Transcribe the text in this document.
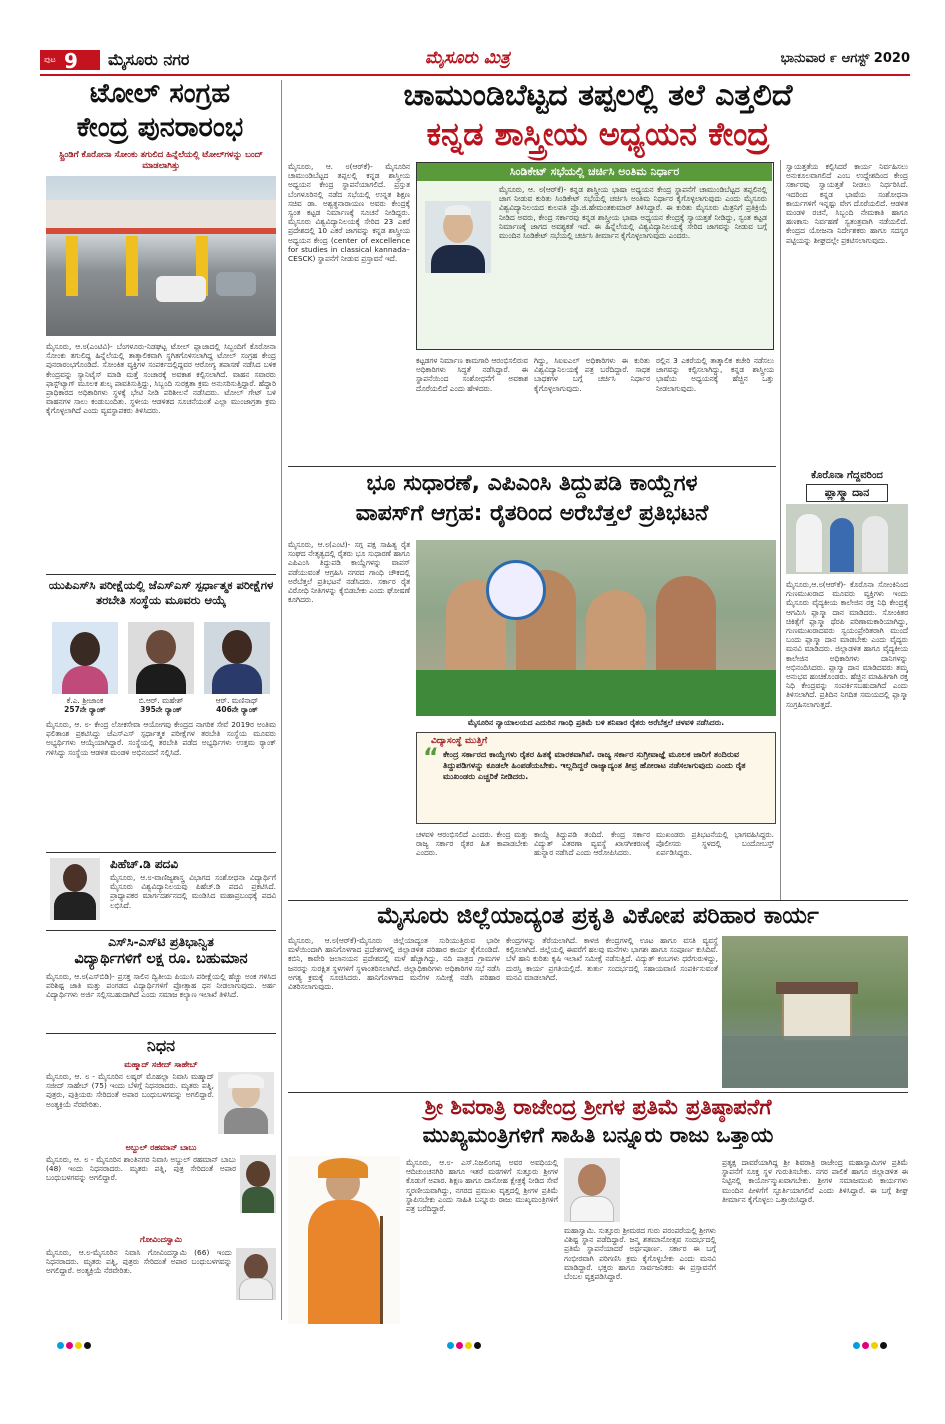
ಪುಟ 9 ಮೈಸೂರು ನಗರ	ಮೈಸೂರು ಮಿತ್ರ	ಭಾನುವಾರ ೯ ಆಗಸ್ಟ್ 2020
ಟೋಲ್ ಸಂಗ್ರಹ
ಕೇಂದ್ರ ಪುನರಾರಂಭ
ಸ್ಟ್ರಿಂಡಿಗೆ ಕೊರೋನಾ ಸೋಂಕು ತಗುಲಿದ ಹಿನ್ನೆಲೆಯಲ್ಲಿ ಟೋಲ್‌ಗಳನ್ನು ಬಂದ್ ಮಾಡಲಾಗಿತ್ತು
ಮೈಸೂರು, ಆ.೮(ಎಂಟಿವಿ)- ಬೆಂಗಳೂರು-ನಿಡಘಟ್ಟ ಟೋಲ್ ಪ್ಲಾಜಾದಲ್ಲಿ ಸಿಬ್ಬಂದಿಗೆ ಕೊರೋನಾ ಸೋಂಕು ತಗುಲಿದ್ದ ಹಿನ್ನೆಲೆಯಲ್ಲಿ ತಾತ್ಕಾಲಿಕವಾಗಿ ಸ್ಥಗಿತಗೊಳಿಸಲಾಗಿದ್ದ ಟೋಲ್ ಸಂಗ್ರಹ ಕೇಂದ್ರ ಪುನರಾರಂಭಗೊಂಡಿದೆ. ಸೋಂಕಿತ ವ್ಯಕ್ತಿಗಳ ಸಂಪರ್ಕದಲ್ಲಿದ್ದವರ ಆರೋಗ್ಯ ತಪಾಸಣೆ ನಡೆಸಿದ ಬಳಿಕ ಕೇಂದ್ರವನ್ನು ಸ್ಯಾನಿಟೈಸ್ ಮಾಡಿ ಮತ್ತೆ ಸಂಚಾರಕ್ಕೆ ಅವಕಾಶ ಕಲ್ಪಿಸಲಾಗಿದೆ. ವಾಹನ ಸವಾರರು ಫಾಸ್ಟ್‌ಟ್ಯಾಗ್ ಮೂಲಕ ಶುಲ್ಕ ಪಾವತಿಸುತ್ತಿದ್ದು, ಸಿಬ್ಬಂದಿ ಸುರಕ್ಷತಾ ಕ್ರಮ ಅನುಸರಿಸುತ್ತಿದ್ದಾರೆ. ಹೆದ್ದಾರಿ ಪ್ರಾಧಿಕಾರದ ಅಧಿಕಾರಿಗಳು ಸ್ಥಳಕ್ಕೆ ಭೇಟಿ ನೀಡಿ ಪರಿಶೀಲನೆ ನಡೆಸಿದರು. ಟೋಲ್ ಗೇಟ್ ಬಳಿ ವಾಹನಗಳ ಸಾಲು ಕಂಡುಬಂದಿತು. ಸ್ಥಳೀಯ ಆಡಳಿತದ ಸೂಚನೆಯಂತೆ ಎಲ್ಲಾ ಮುಂಜಾಗ್ರತಾ ಕ್ರಮ ಕೈಗೊಳ್ಳಲಾಗಿದೆ ಎಂದು ವ್ಯವಸ್ಥಾಪಕರು ತಿಳಿಸಿದರು.
ಯುಪಿಎಸ್‌ಸಿ ಪರೀಕ್ಷೆಯಲ್ಲಿ ಜೆಎಸ್‌ಎಸ್ ಸ್ಪರ್ಧಾತ್ಮಕ ಪರೀಕ್ಷೆಗಳ ತರಬೇತಿ ಸಂಸ್ಥೆಯ ಮೂವರು ಆಯ್ಕೆ
ಕೆ.ಎ. ಶ್ರೀಜಾಂಕ
257ನೇ ರ್‍ಯಾಂಕ್
ಬಿ.ಆರ್. ಮಹೇಶ್
395ನೇ ರ್‍ಯಾಂಕ್
ಆರ್. ಮಣಿನಾಥ್
406ನೇ ರ್‍ಯಾಂಕ್
ಮೈಸೂರು, ಆ. ೮- ಕೇಂದ್ರ ಲೋಕಸೇವಾ ಆಯೋಗವು ಕೇಂದ್ರದ ನಾಗರಿಕ ಸೇವೆ 2019ರ ಅಂತಿಮ ಫಲಿತಾಂಶ ಪ್ರಕಟಿಸಿದ್ದು ಜೆಎಸ್‌ಎಸ್ ಸ್ಪರ್ಧಾತ್ಮಕ ಪರೀಕ್ಷೆಗಳ ತರಬೇತಿ ಸಂಸ್ಥೆಯ ಮೂವರು ಅಭ್ಯರ್ಥಿಗಳು ಆಯ್ಕೆಯಾಗಿದ್ದಾರೆ. ಸಂಸ್ಥೆಯಲ್ಲಿ ತರಬೇತಿ ಪಡೆದ ಅಭ್ಯರ್ಥಿಗಳು ಉತ್ತಮ ರ್‍ಯಾಂಕ್ ಗಳಿಸಿದ್ದು ಸಂಸ್ಥೆಯ ಆಡಳಿತ ಮಂಡಳಿ ಅಭಿನಂದನೆ ಸಲ್ಲಿಸಿದೆ.
ಪಿಹೆಚ್.ಡಿ ಪದವಿ
ಮೈಸೂರು, ಆ.೮-ವಾಣಿಜ್ಯಶಾಸ್ತ್ರ ವಿಭಾಗದ ಸಂಶೋಧನಾ ವಿದ್ಯಾರ್ಥಿಗೆ ಮೈಸೂರು ವಿಶ್ವವಿದ್ಯಾನಿಲಯವು ಪಿಹೆಚ್.ಡಿ ಪದವಿ ಪ್ರಕಟಿಸಿದೆ. ಪ್ರಾಧ್ಯಾಪಕರ ಮಾರ್ಗದರ್ಶನದಲ್ಲಿ ಮಂಡಿಸಿದ ಮಹಾಪ್ರಬಂಧಕ್ಕೆ ಪದವಿ ಲಭಿಸಿದೆ.
ಎಸ್‌ಸಿ-ಎಸ್‌ಟಿ ಪ್ರತಿಭಾನ್ವಿತ
ವಿದ್ಯಾರ್ಥಿಗಳಿಗೆ ಲಕ್ಷ ರೂ. ಬಹುಮಾನ
ಮೈಸೂರು, ಆ.೮(ಎಸ್‌ಬಿಡಿ)- ಪ್ರಸಕ್ತ ಸಾಲಿನ ದ್ವಿತೀಯ ಪಿಯುಸಿ ಪರೀಕ್ಷೆಯಲ್ಲಿ ಹೆಚ್ಚು ಅಂಕ ಗಳಿಸಿದ ಪರಿಶಿಷ್ಟ ಜಾತಿ ಮತ್ತು ಪಂಗಡದ ವಿದ್ಯಾರ್ಥಿಗಳಿಗೆ ಪ್ರೋತ್ಸಾಹ ಧನ ನೀಡಲಾಗುವುದು. ಅರ್ಹ ವಿದ್ಯಾರ್ಥಿಗಳು ಅರ್ಜಿ ಸಲ್ಲಿಸಬಹುದಾಗಿದೆ ಎಂದು ಸಮಾಜ ಕಲ್ಯಾಣ ಇಲಾಖೆ ತಿಳಿಸಿದೆ.
ನಿಧನ
ಮಹ್ಮಾದ್ ಸಜೀದ್ ಸಾಹೇಬ್
ಮೈಸೂರು, ಆ. ೮ - ಮೈಸೂರಿನ ಲಷ್ಕರ್ ಮೊಹಲ್ಲಾ ನಿವಾಸಿ ಮಹ್ಮಾದ್ ಸಜೀದ್ ಸಾಹೇಬ್ (75) ಇಂದು ಬೆಳಿಗ್ಗೆ ನಿಧನರಾದರು. ಮೃತರು ಪತ್ನಿ, ಪುತ್ರರು, ಪುತ್ರಿಯರು ಸೇರಿದಂತೆ ಅಪಾರ ಬಂಧುಬಳಗವನ್ನು ಅಗಲಿದ್ದಾರೆ. ಅಂತ್ಯಕ್ರಿಯೆ ನೆರವೇರಿತು.
ಅಬ್ದುಲ್ ರಹಮಾನ್ ಬಾಬು
ಮೈಸೂರು, ಆ. ೮ - ಮೈಸೂರಿನ ಶಾಂತಿನಗರ ನಿವಾಸಿ ಅಬ್ದುಲ್ ರಹಮಾನ್ ಬಾಬು (48) ಇಂದು ನಿಧನರಾದರು. ಮೃತರು ಪತ್ನಿ, ಪುತ್ರ ಸೇರಿದಂತೆ ಅಪಾರ ಬಂಧುಬಳಗವನ್ನು ಅಗಲಿದ್ದಾರೆ.
ಗೋವಿಂದಸ್ವಾಮಿ
ಮೈಸೂರು, ಆ.೮-ಮೈಸೂರಿನ ನಿವಾಸಿ ಗೋವಿಂದಸ್ವಾಮಿ (66) ಇಂದು ನಿಧನರಾದರು. ಮೃತರು ಪತ್ನಿ, ಪುತ್ರರು ಸೇರಿದಂತೆ ಅಪಾರ ಬಂಧುಬಳಗವನ್ನು ಅಗಲಿದ್ದಾರೆ. ಅಂತ್ಯಕ್ರಿಯೆ ನೆರವೇರಿತು.
ಚಾಮುಂಡಿಬೆಟ್ಟದ ತಪ್ಪಲಲ್ಲಿ ತಲೆ ಎತ್ತಲಿದೆ
ಕನ್ನಡ ಶಾಸ್ತ್ರೀಯ ಅಧ್ಯಯನ ಕೇಂದ್ರ
ಮೈಸೂರು, ಆ. ೮(ಆರ್‌ಕೆ)- ಮೈಸೂರಿನ ಚಾಮುಂಡಿಬೆಟ್ಟದ ತಪ್ಪಲಲ್ಲಿ ಕನ್ನಡ ಶಾಸ್ತ್ರೀಯ ಅಧ್ಯಯನ ಕೇಂದ್ರ ಸ್ಥಾಪನೆಯಾಗಲಿದೆ. ಪ್ರಸ್ತುತ ಬೆಂಗಳೂರಿನಲ್ಲಿ ನಡೆದ ಸಭೆಯಲ್ಲಿ ಉನ್ನತ ಶಿಕ್ಷಣ ಸಚಿವ ಡಾ. ಅಶ್ವತ್ಥನಾರಾಯಣ ಅವರು ಕೇಂದ್ರಕ್ಕೆ ಸ್ವಂತ ಕಟ್ಟಡ ನಿರ್ಮಾಣಕ್ಕೆ ಸೂಚನೆ ನೀಡಿದ್ದರು. ಮೈಸೂರು ವಿಶ್ವವಿದ್ಯಾನಿಲಯಕ್ಕೆ ಸೇರಿದ 23 ಎಕರೆ ಪ್ರದೇಶದಲ್ಲಿ 10 ಎಕರೆ ಜಾಗವನ್ನು ಕನ್ನಡ ಶಾಸ್ತ್ರೀಯ ಅಧ್ಯಯನ ಕೇಂದ್ರ (center of excellence for studies in classical kannada–CESCK) ಸ್ಥಾಪನೆಗೆ ನೀಡುವ ಪ್ರಸ್ತಾವನೆ ಇದೆ.
ಸಿಂಡಿಕೇಟ್ ಸಭೆಯಲ್ಲಿ ಚರ್ಚಿಸಿ ಅಂತಿಮ ನಿರ್ಧಾರ
ಮೈಸೂರು, ಆ. ೮(ಆರ್‌ಕೆ)- ಕನ್ನಡ ಶಾಸ್ತ್ರೀಯ ಭಾಷಾ ಅಧ್ಯಯನ ಕೇಂದ್ರ ಸ್ಥಾಪನೆಗೆ ಚಾಮುಂಡಿಬೆಟ್ಟದ ತಪ್ಪಲಿನಲ್ಲಿ ಜಾಗ ನೀಡುವ ಕುರಿತು ಸಿಂಡಿಕೇಟ್ ಸಭೆಯಲ್ಲಿ ಚರ್ಚಿಸಿ ಅಂತಿಮ ನಿರ್ಧಾರ ಕೈಗೊಳ್ಳಲಾಗುವುದು ಎಂದು ಮೈಸೂರು ವಿಶ್ವವಿದ್ಯಾನಿಲಯದ ಕುಲಪತಿ ಪ್ರೊ.ಜಿ.ಹೇಮಂತಕುಮಾರ್ ತಿಳಿಸಿದ್ದಾರೆ. ಈ ಕುರಿತು ಮೈಸೂರು ಮಿತ್ರನಿಗೆ ಪ್ರತಿಕ್ರಿಯೆ ನೀಡಿದ ಅವರು, ಕೇಂದ್ರ ಸರ್ಕಾರವು ಕನ್ನಡ ಶಾಸ್ತ್ರೀಯ ಭಾಷಾ ಅಧ್ಯಯನ ಕೇಂದ್ರಕ್ಕೆ ಸ್ವಾಯತ್ತತೆ ನೀಡಿದ್ದು, ಸ್ವಂತ ಕಟ್ಟಡ ನಿರ್ಮಾಣಕ್ಕೆ ಜಾಗದ ಅವಶ್ಯಕತೆ ಇದೆ. ಈ ಹಿನ್ನೆಲೆಯಲ್ಲಿ ವಿಶ್ವವಿದ್ಯಾನಿಲಯಕ್ಕೆ ಸೇರಿದ ಜಾಗವನ್ನು ನೀಡುವ ಬಗ್ಗೆ ಮುಂದಿನ ಸಿಂಡಿಕೇಟ್ ಸಭೆಯಲ್ಲಿ ಚರ್ಚಿಸಿ ತೀರ್ಮಾನ ಕೈಗೊಳ್ಳಲಾಗುವುದು ಎಂದರು.
ಕಟ್ಟಡಗಳ ನಿರ್ಮಾಣ ಕಾಮಗಾರಿ ಆರಂಭಿಸಲಿರುವ ಅಧಿಕಾರಿಗಳು ಸಿದ್ಧತೆ ನಡೆಸಿದ್ದಾರೆ. ಈ ಸ್ಥಾಪನೆಯಿಂದ ಸಂಶೋಧನೆಗೆ ಅವಕಾಶ ದೊರೆಯಲಿದೆ ಎಂದು ಹೇಳಿದರು.
ಗಿದ್ದು, ಸಿಐಐಎಲ್ ಅಧಿಕಾರಿಗಳು ಈ ಕುರಿತು ವಿಶ್ವವಿದ್ಯಾನಿಲಯಕ್ಕೆ ಪತ್ರ ಬರೆದಿದ್ದಾರೆ. ಸಾಧಕ ಬಾಧಕಗಳ ಬಗ್ಗೆ ಚರ್ಚಿಸಿ ನಿರ್ಧಾರ ಕೈಗೊಳ್ಳಲಾಗುವುದು.
ರಲ್ಲಿನ 3 ಎಕರೆಯಲ್ಲಿ ತಾತ್ಕಾಲಿಕ ಕಚೇರಿ ನಡೆಸಲು ಜಾಗವನ್ನು ಕಲ್ಪಿಸಲಾಗಿದ್ದು, ಕನ್ನಡ ಶಾಸ್ತ್ರೀಯ ಭಾಷೆಯ ಅಧ್ಯಯನಕ್ಕೆ ಹೆಚ್ಚಿನ ಒತ್ತು ನೀಡಲಾಗುವುದು.
ಸ್ವಾಯತ್ತತೆಯ ಕಲ್ಪಿಸಿದರೆ ಕಾರ್ಯ ನಿರ್ವಹಿಸಲು ಅನುಕೂಲವಾಗಲಿದೆ ಎಂಬ ಉದ್ದೇಶದಿಂದ ಕೇಂದ್ರ ಸರ್ಕಾರವು ಸ್ವಾಯತ್ತತೆ ನೀಡಲು ನಿರ್ಧರಿಸಿದೆ. ಇದರಿಂದ ಕನ್ನಡ ಭಾಷೆಯ ಸಂಶೋಧನಾ ಕಾರ್ಯಗಳಿಗೆ ಇನ್ನಷ್ಟು ವೇಗ ದೊರೆಯಲಿದೆ. ಆಡಳಿತ ಮಂಡಳಿ ರಚನೆ, ಸಿಬ್ಬಂದಿ ನೇಮಕಾತಿ ಹಾಗೂ ಹಣಕಾಸು ನಿರ್ವಹಣೆ ಸ್ವತಂತ್ರವಾಗಿ ನಡೆಯಲಿದೆ. ಕೇಂದ್ರದ ಯೋಜನಾ ನಿರ್ದೇಶಕರು ಹಾಗೂ ಸದಸ್ಯರ ಪಟ್ಟಿಯನ್ನು ಶೀಘ್ರದಲ್ಲೇ ಪ್ರಕಟಿಸಲಾಗುವುದು.
ಕೊರೊನಾ ಗೆದ್ದವರಿಂದ
ಪ್ಲಾಸ್ಮಾ ದಾನ
ಮೈಸೂರು,ಆ.೮(ಆರ್‌ಕೆ)- ಕೊರೊನಾ ಸೋಂಕಿನಿಂದ ಗುಣಮುಖರಾದ ಮೂವರು ವ್ಯಕ್ತಿಗಳು ಇಂದು ಮೈಸೂರು ವೈದ್ಯಕೀಯ ಕಾಲೇಜಿನ ರಕ್ತ ನಿಧಿ ಕೇಂದ್ರಕ್ಕೆ ಆಗಮಿಸಿ ಪ್ಲಾಸ್ಮಾ ದಾನ ಮಾಡಿದರು. ಸೋಂಕಿತರ ಚಿಕಿತ್ಸೆಗೆ ಪ್ಲಾಸ್ಮಾ ಥೆರಪಿ ಪರಿಣಾಮಕಾರಿಯಾಗಿದ್ದು, ಗುಣಮುಖರಾದವರು ಸ್ವಯಂಪ್ರೇರಿತರಾಗಿ ಮುಂದೆ ಬಂದು ಪ್ಲಾಸ್ಮಾ ದಾನ ಮಾಡಬೇಕು ಎಂದು ವೈದ್ಯರು ಮನವಿ ಮಾಡಿದರು. ಜಿಲ್ಲಾಡಳಿತ ಹಾಗೂ ವೈದ್ಯಕೀಯ ಕಾಲೇಜಿನ ಅಧಿಕಾರಿಗಳು ದಾನಿಗಳನ್ನು ಅಭಿನಂದಿಸಿದರು. ಪ್ಲಾಸ್ಮಾ ದಾನ ಮಾಡಿದವರು ತಮ್ಮ ಅನುಭವ ಹಂಚಿಕೊಂಡರು. ಹೆಚ್ಚಿನ ಮಾಹಿತಿಗಾಗಿ ರಕ್ತ ನಿಧಿ ಕೇಂದ್ರವನ್ನು ಸಂಪರ್ಕಿಸಬಹುದಾಗಿದೆ ಎಂದು ತಿಳಿಸಲಾಗಿದೆ. ಪ್ರತಿದಿನ ನಿಗದಿತ ಸಮಯದಲ್ಲಿ ಪ್ಲಾಸ್ಮಾ ಸಂಗ್ರಹಿಸಲಾಗುತ್ತದೆ.
ಭೂ ಸುಧಾರಣೆ, ಎಪಿಎಂಸಿ ತಿದ್ದುಪಡಿ ಕಾಯ್ದೆಗಳ
ವಾಪಸ್‌ಗೆ ಆಗ್ರಹ: ರೈತರಿಂದ ಅರೆಬೆತ್ತಲೆ ಪ್ರತಿಭಟನೆ
ಮೈಸೂರು, ಆ.೮(ಎಂಟಿ)- ಸಗ್ಗ ಪಕ್ಷ ಸಾಹಿತ್ಯ ರೈತ ಸಂಘದ ನೇತೃತ್ವದಲ್ಲಿ ರೈತರು ಭೂ ಸುಧಾರಣೆ ಹಾಗೂ ಎಪಿಎಂಸಿ ತಿದ್ದುಪಡಿ ಕಾಯ್ದೆಗಳನ್ನು ವಾಪಸ್ ಪಡೆಯುವಂತೆ ಆಗ್ರಹಿಸಿ ನಗರದ ಗಾಂಧಿ ಚೌಕದಲ್ಲಿ ಅರೆಬೆತ್ತಲೆ ಪ್ರತಿಭಟನೆ ನಡೆಸಿದರು. ಸರ್ಕಾರ ರೈತ ವಿರೋಧಿ ನೀತಿಗಳನ್ನು ಕೈಬಿಡಬೇಕು ಎಂದು ಘೋಷಣೆ ಕೂಗಿದರು.
ಮೈಸೂರಿನ ನ್ಯಾಯಾಲಯದ ಎದುರಿನ ಗಾಂಧಿ ಪ್ರತಿಮೆ ಬಳಿ ಶನಿವಾರ ರೈತರು ಅರೆಬೆತ್ತಲೆ ಚಳವಳಿ ನಡೆಸಿದರು.
ವಿದ್ಯಾಸಂಸ್ಥೆ ಮುತ್ತಿಗೆ
“ ಕೇಂದ್ರ ಸರ್ಕಾರದ ಕಾಯ್ದೆಗಳು ರೈತರ ಹಿತಕ್ಕೆ ಮಾರಕವಾಗಿವೆ. ರಾಜ್ಯ ಸರ್ಕಾರ ಸುಗ್ರೀವಾಜ್ಞೆ ಮೂಲಕ ಜಾರಿಗೆ ತಂದಿರುವ ತಿದ್ದುಪಡಿಗಳನ್ನು ಕೂಡಲೇ ಹಿಂಪಡೆಯಬೇಕು. ಇಲ್ಲದಿದ್ದರೆ ರಾಜ್ಯಾದ್ಯಂತ ತೀವ್ರ ಹೋರಾಟ ನಡೆಸಲಾಗುವುದು ಎಂದು ರೈತ ಮುಖಂಡರು ಎಚ್ಚರಿಕೆ ನೀಡಿದರು.
ಚಳವಳಿ ಆರಂಭಿಸಲಿದೆ ಎಂದರು. ಕೇಂದ್ರ ಮತ್ತು ರಾಜ್ಯ ಸರ್ಕಾರ ರೈತರ ಹಿತ ಕಾಪಾಡಬೇಕು ಎಂದರು.
ಕಾಯ್ದೆ ತಿದ್ದುಪಡಿ ತಂದಿದೆ. ಕೇಂದ್ರ ಸರ್ಕಾರ ವಿದ್ಯುತ್ ವಿತರಣಾ ವ್ಯವಸ್ಥೆ ಖಾಸಗೀಕರಣಕ್ಕೆ ಹುನ್ನಾರ ನಡೆಸಿದೆ ಎಂದು ಆರೋಪಿಸಿದರು.
ಮುಖಂಡರು ಪ್ರತಿಭಟನೆಯಲ್ಲಿ ಭಾಗವಹಿಸಿದ್ದರು. ಪೊಲೀಸರು ಸ್ಥಳದಲ್ಲಿ ಬಂದೋಬಸ್ತ್ ಏರ್ಪಡಿಸಿದ್ದರು.
ಮೈಸೂರು ಜಿಲ್ಲೆಯಾದ್ಯಂತ ಪ್ರಕೃತಿ ವಿಕೋಪ ಪರಿಹಾರ ಕಾರ್ಯ
ಮೈಸೂರು, ಆ.೮(ಆರ್‌ಕೆ)-ಮೈಸೂರು ಜಿಲ್ಲೆಯಾದ್ಯಂತ ಸುರಿಯುತ್ತಿರುವ ಭಾರೀ ಮಳೆಯಿಂದಾಗಿ ಹಾನಿಗೊಳಗಾದ ಪ್ರದೇಶಗಳಲ್ಲಿ ಜಿಲ್ಲಾಡಳಿತ ಪರಿಹಾರ ಕಾರ್ಯ ಕೈಗೊಂಡಿದೆ. ಕಬಿನಿ, ಕಾವೇರಿ ಜಲಾನಯನ ಪ್ರದೇಶದಲ್ಲಿ ಮಳೆ ಹೆಚ್ಚಾಗಿದ್ದು, ನದಿ ಪಾತ್ರದ ಗ್ರಾಮಗಳ ಜನರನ್ನು ಸುರಕ್ಷಿತ ಸ್ಥಳಗಳಿಗೆ ಸ್ಥಳಾಂತರಿಸಲಾಗಿದೆ. ಜಿಲ್ಲಾಧಿಕಾರಿಗಳು ಅಧಿಕಾರಿಗಳ ಸಭೆ ನಡೆಸಿ ಅಗತ್ಯ ಕ್ರಮಕ್ಕೆ ಸೂಚಿಸಿದರು. ಹಾನಿಗೊಳಗಾದ ಮನೆಗಳ ಸಮೀಕ್ಷೆ ನಡೆಸಿ ಪರಿಹಾರ ವಿತರಿಸಲಾಗುವುದು.
ಕೇಂದ್ರಗಳನ್ನು ತೆರೆಯಲಾಗಿದೆ. ಕಾಳಜಿ ಕೇಂದ್ರಗಳಲ್ಲಿ ಊಟ ಹಾಗೂ ವಸತಿ ವ್ಯವಸ್ಥೆ ಕಲ್ಪಿಸಲಾಗಿದೆ. ಜಿಲ್ಲೆಯಲ್ಲಿ ಈವರೆಗೆ ಹಲವು ಮನೆಗಳು ಭಾಗಶಃ ಹಾಗೂ ಸಂಪೂರ್ಣ ಕುಸಿದಿವೆ. ಬೆಳೆ ಹಾನಿ ಕುರಿತು ಕೃಷಿ ಇಲಾಖೆ ಸಮೀಕ್ಷೆ ನಡೆಸುತ್ತಿದೆ. ವಿದ್ಯುತ್ ಕಂಬಗಳು ಧರೆಗುರುಳಿದ್ದು, ದುರಸ್ತಿ ಕಾರ್ಯ ಪ್ರಗತಿಯಲ್ಲಿದೆ. ತುರ್ತು ಸಂದರ್ಭದಲ್ಲಿ ಸಹಾಯವಾಣಿ ಸಂಪರ್ಕಿಸುವಂತೆ ಮನವಿ ಮಾಡಲಾಗಿದೆ.
ಶ್ರೀ ಶಿವರಾತ್ರಿ ರಾಜೇಂದ್ರ ಶ್ರೀಗಳ ಪ್ರತಿಮೆ ಪ್ರತಿಷ್ಠಾಪನೆಗೆ
ಮುಖ್ಯಮಂತ್ರಿಗಳಿಗೆ ಸಾಹಿತಿ ಬನ್ನೂರು ರಾಜು ಒತ್ತಾಯ
ಮೈಸೂರು, ಆ.೮- ಎಸ್.ನಿಜಲಿಂಗಪ್ಪ ಅವರ ಅವಧಿಯಲ್ಲಿ ಆದಿಚುಂಚನಗಿರಿ ಹಾಗೂ ಇತರೆ ಮಠಗಳಿಗೆ ಸುತ್ತೂರು ಶ್ರೀಗಳ ಕೊಡುಗೆ ಅಪಾರ. ಶಿಕ್ಷಣ ಹಾಗೂ ದಾಸೋಹ ಕ್ಷೇತ್ರಕ್ಕೆ ನೀಡಿದ ಸೇವೆ ಸ್ಮರಣೀಯವಾಗಿದ್ದು, ನಗರದ ಪ್ರಮುಖ ವೃತ್ತದಲ್ಲಿ ಶ್ರೀಗಳ ಪ್ರತಿಮೆ ಸ್ಥಾಪಿಸಬೇಕು ಎಂದು ಸಾಹಿತಿ ಬನ್ನೂರು ರಾಜು ಮುಖ್ಯಮಂತ್ರಿಗಳಿಗೆ ಪತ್ರ ಬರೆದಿದ್ದಾರೆ.
ಮಹಾಸ್ವಾಮಿ. ಸುತ್ತೂರು ಶ್ರೀಮಠದ ಗುರು ಪರಂಪರೆಯಲ್ಲಿ ಶ್ರೀಗಳು ವಿಶಿಷ್ಟ ಸ್ಥಾನ ಪಡೆದಿದ್ದಾರೆ. ಜನ್ಮ ಶತಮಾನೋತ್ಸವ ಸಂದರ್ಭದಲ್ಲಿ ಪ್ರತಿಮೆ ಸ್ಥಾಪನೆಯಾದರೆ ಅರ್ಥಪೂರ್ಣ. ಸರ್ಕಾರ ಈ ಬಗ್ಗೆ ಗಂಭೀರವಾಗಿ ಪರಿಗಣಿಸಿ ಕ್ರಮ ಕೈಗೊಳ್ಳಬೇಕು ಎಂದು ಮನವಿ ಮಾಡಿದ್ದಾರೆ. ಭಕ್ತರು ಹಾಗೂ ಸಾರ್ವಜನಿಕರು ಈ ಪ್ರಸ್ತಾವನೆಗೆ ಬೆಂಬಲ ವ್ಯಕ್ತಪಡಿಸಿದ್ದಾರೆ.
ಪ್ರತ್ಯಕ್ಷ ದಾವರೆಯಾಗಿದ್ದ ಶ್ರೀ ಶಿವರಾತ್ರಿ ರಾಜೇಂದ್ರ ಮಹಾಸ್ವಾಮಿಗಳ ಪ್ರತಿಮೆ ಸ್ಥಾಪನೆಗೆ ಸೂಕ್ತ ಸ್ಥಳ ಗುರುತಿಸಬೇಕು. ನಗರ ಪಾಲಿಕೆ ಹಾಗೂ ಜಿಲ್ಲಾಡಳಿತ ಈ ನಿಟ್ಟಿನಲ್ಲಿ ಕಾರ್ಯೋನ್ಮುಖವಾಗಬೇಕು. ಶ್ರೀಗಳ ಸಮಾಜಮುಖಿ ಕಾರ್ಯಗಳು ಮುಂದಿನ ಪೀಳಿಗೆಗೆ ಸ್ಫೂರ್ತಿಯಾಗಲಿವೆ ಎಂದು ತಿಳಿಸಿದ್ದಾರೆ. ಈ ಬಗ್ಗೆ ಶೀಘ್ರ ತೀರ್ಮಾನ ಕೈಗೊಳ್ಳಲು ಒತ್ತಾಯಿಸಿದ್ದಾರೆ.
